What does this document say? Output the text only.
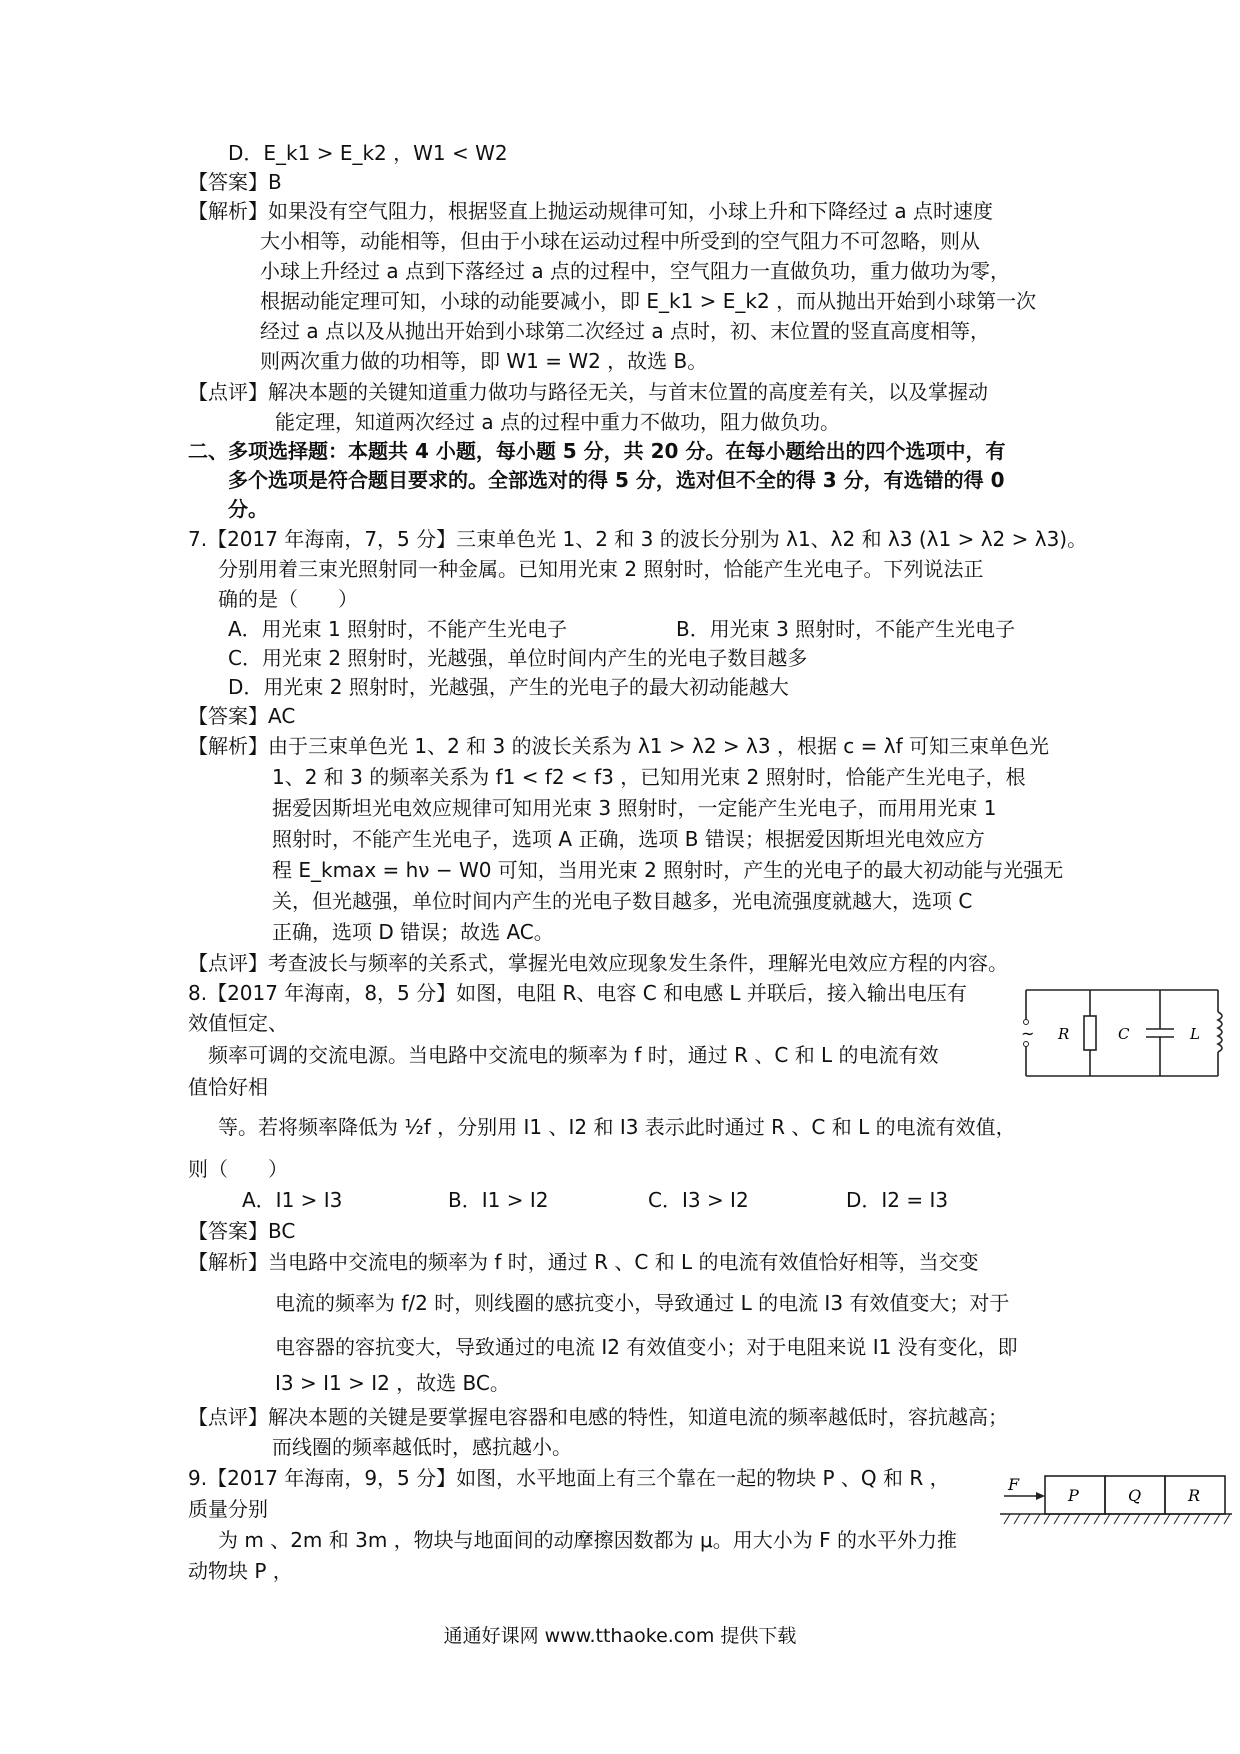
D．E_k1 > E_k2 ，W1 < W2
【答案】B
【解析】如果没有空气阻力，根据竖直上抛运动规律可知，小球上升和下降经过 a 点时速度
大小相等，动能相等，但由于小球在运动过程中所受到的空气阻力不可忽略，则从
小球上升经过 a 点到下落经过 a 点的过程中，空气阻力一直做负功，重力做功为零，
根据动能定理可知，小球的动能要减小，即 E_k1 > E_k2 ，而从抛出开始到小球第一次
经过 a 点以及从抛出开始到小球第二次经过 a 点时，初、末位置的竖直高度相等，
则两次重力做的功相等，即 W1 = W2 ，故选 B。
【点评】解决本题的关键知道重力做功与路径无关，与首末位置的高度差有关，以及掌握动
能定理，知道两次经过 a 点的过程中重力不做功，阻力做负功。
二、多项选择题：本题共 4 小题，每小题 5 分，共 20 分。在每小题给出的四个选项中，有
多个选项是符合题目要求的。全部选对的得 5 分，选对但不全的得 3 分，有选错的得 0
分。
7.【2017 年海南，7，5 分】三束单色光 1、2 和 3 的波长分别为 λ1、λ2 和 λ3 (λ1 > λ2 > λ3)。
分别用着三束光照射同一种金属。已知用光束 2 照射时，恰能产生光电子。下列说法正
确的是（　　）
A．用光束 1 照射时，不能产生光电子	B．用光束 3 照射时，不能产生光电子
C．用光束 2 照射时，光越强，单位时间内产生的光电子数目越多
D．用光束 2 照射时，光越强，产生的光电子的最大初动能越大
【答案】AC
【解析】由于三束单色光 1、2 和 3 的波长关系为 λ1 > λ2 > λ3 ，根据 c = λf 可知三束单色光
1、2 和 3 的频率关系为 f1 < f2 < f3 ，已知用光束 2 照射时，恰能产生光电子，根
据爱因斯坦光电效应规律可知用光束 3 照射时，一定能产生光电子，而用用光束 1
照射时，不能产生光电子，选项 A 正确，选项 B 错误；根据爱因斯坦光电效应方
程 E_kmax = hν − W0 可知，当用光束 2 照射时，产生的光电子的最大初动能与光强无
关，但光越强，单位时间内产生的光电子数目越多，光电流强度就越大，选项 C
正确，选项 D 错误；故选 AC。
【点评】考查波长与频率的关系式，掌握光电效应现象发生条件，理解光电效应方程的内容。
8.【2017 年海南，8，5 分】如图，电阻 R、电容 C 和电感 L 并联后，接入输出电压有
效值恒定、
频率可调的交流电源。当电路中交流电的频率为 f 时，通过 R 、C 和 L 的电流有效
值恰好相
等。若将频率降低为 ½f ，分别用 I1 、I2 和 I3 表示此时通过 R 、C 和 L 的电流有效值，
则（　　）
A．I1 > I3	B．I1 > I2	C．I3 > I2	D．I2 = I3
【答案】BC
【解析】当电路中交流电的频率为 f 时，通过 R 、C 和 L 的电流有效值恰好相等，当交变
电流的频率为 f/2 时，则线圈的感抗变小，导致通过 L 的电流 I3 有效值变大；对于
电容器的容抗变大，导致通过的电流 I2 有效值变小；对于电阻来说 I1 没有变化，即
I3 > I1 > I2 ，故选 BC。
【点评】解决本题的关键是要掌握电容器和电感的特性，知道电流的频率越低时，容抗越高；
而线圈的频率越低时，感抗越小。
~ R	C	L
9.【2017 年海南，9，5 分】如图，水平地面上有三个靠在一起的物块 P 、Q 和 R ，
质量分别
为 m 、2m 和 3m ，物块与地面间的动摩擦因数都为 μ。用大小为 F 的水平外力推
动物块 P ，
F
P	Q	R
通通好课网 www.tthaoke.com 提供下载
